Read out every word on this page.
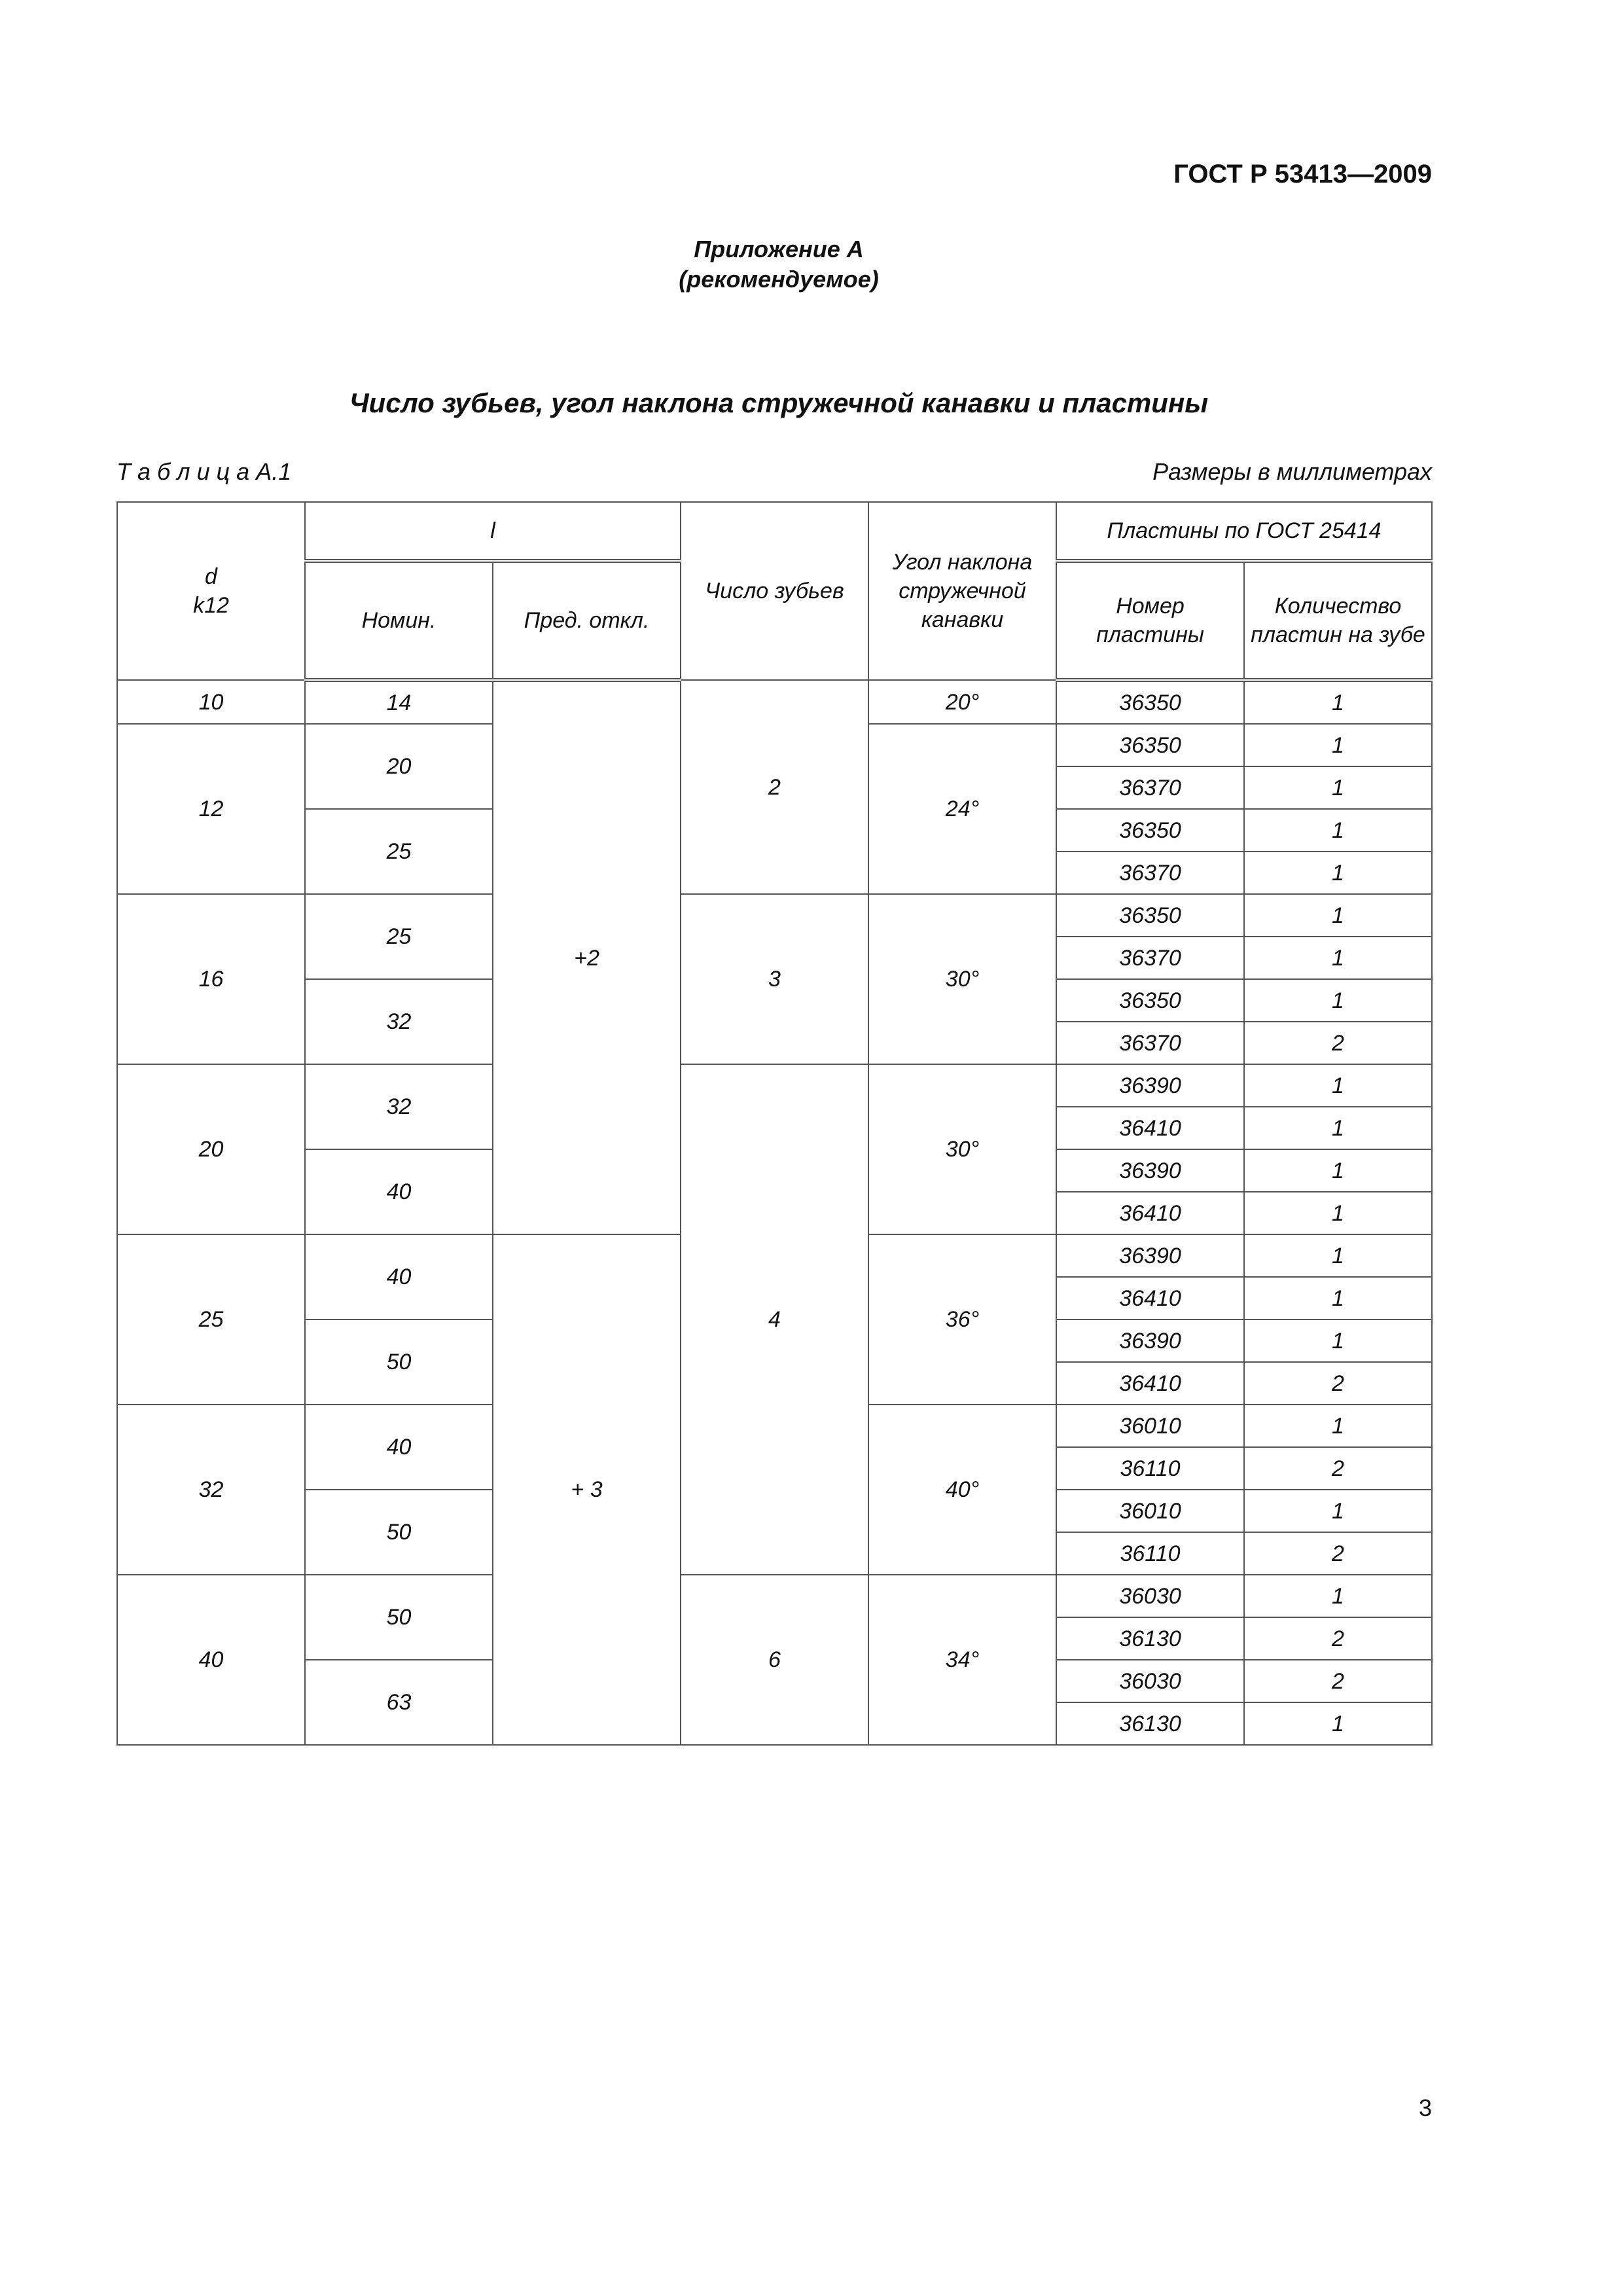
ГОСТ Р 53413—2009
Приложение А
(рекомендуемое)
Число зубьев, угол наклона стружечной канавки и пластины
Т а б л и ц а А.1	Размеры в миллиметрах
d
k12	l		Число зубьев	Угол наклона стружечной канавки	Пластины по ГОСТ 25414	
	Номин.	Пред. откл.			Номер пластины	Количество пластин на зубе
10	14	+2	2	20°	36350	1
12	20			24°	36350	1
					36370	1
	25				36350	1
					36370	1
16	25		3	30°	36350	1
					36370	1
	32				36350	1
					36370	2
20	32		4	30°	36390	1
					36410	1
	40				36390	1
					36410	1
25	40	+ 3		36°	36390	1
					36410	1
	50				36390	1
					36410	2
32	40			40°	36010	1
					36110	2
	50				36010	1
					36110	2
40	50		6	34°	36030	1
					36130	2
	63				36030	2
					36130	1
3
